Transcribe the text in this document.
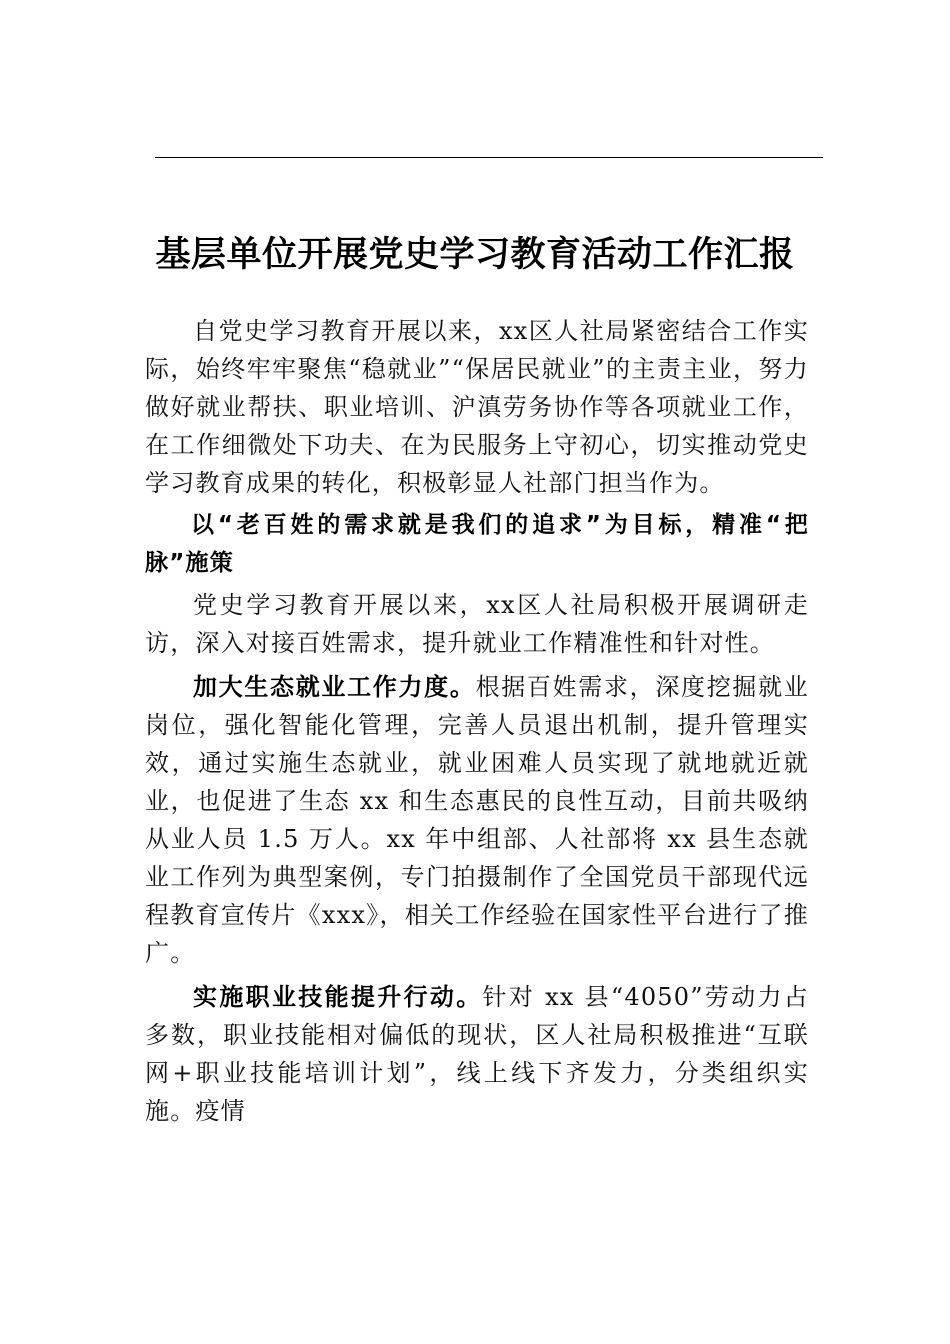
基层单位开展党史学习教育活动工作汇报

自党史学习教育开展以来，xx区人社局紧密结合工作实际，始终牢牢聚焦“稳就业”“保居民就业”的主责主业，努力做好就业帮扶、职业培训、沪滇劳务协作等各项就业工作，在工作细微处下功夫、在为民服务上守初心，切实推动党史学习教育成果的转化，积极彰显人社部门担当作为。

以“老百姓的需求就是我们的追求”为目标，精准“把脉”施策

党史学习教育开展以来，xx区人社局积极开展调研走访，深入对接百姓需求，提升就业工作精准性和针对性。

加大生态就业工作力度。根据百姓需求，深度挖掘就业岗位，强化智能化管理，完善人员退出机制，提升管理实效，通过实施生态就业，就业困难人员实现了就地就近就业，也促进了生态 xx 和生态惠民的良性互动，目前共吸纳从业人员 1.5 万人。xx 年中组部、人社部将 xx 县生态就业工作列为典型案例，专门拍摄制作了全国党员干部现代远程教育宣传片《xxx》，相关工作经验在国家性平台进行了推广。

实施职业技能提升行动。针对 xx 县“4050”劳动力占多数，职业技能相对偏低的现状，区人社局积极推进“互联网+职业技能培训计划”，线上线下齐发力，分类组织实施。疫情
